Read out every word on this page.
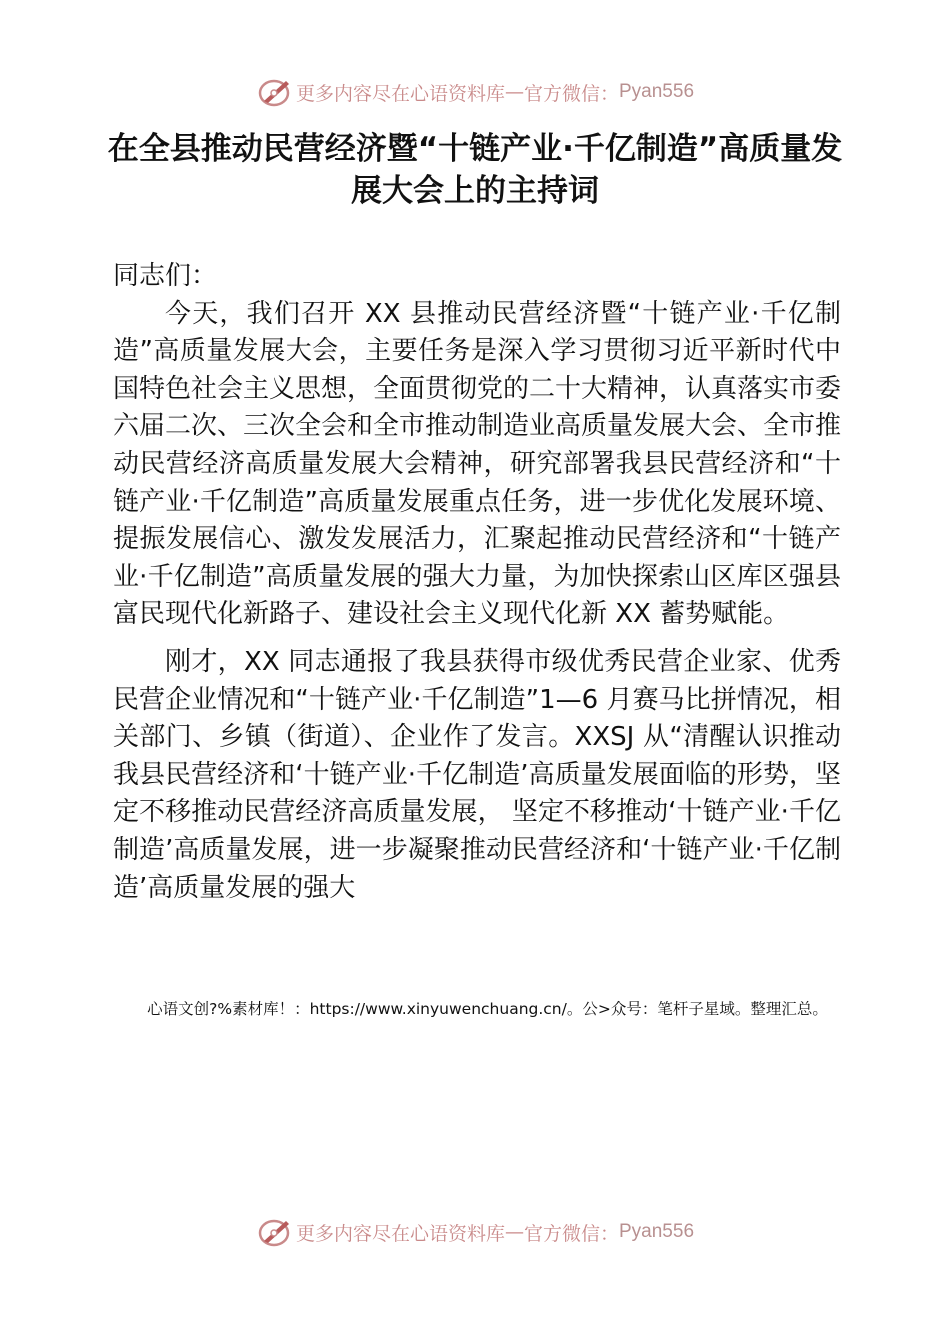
更多内容尽在心语资料库 — 官方微信： Pyan556
在全县推动民营经济暨“十链产业·千亿制造”高质量发展大会上的主持词

同志们：

今天，我们召开 XX 县推动民营经济暨“十链产业·千亿制造”高质量发展大会，主要任务是深入学习贯彻习近平新时代中国特色社会主义思想，全面贯彻党的二十大精神，认真落实市委六届二次、三次全会和全市推动制造业高质量发展大会、全市推动民营经济高质量发展大会精神，研究部署我县民营经济和“十链产业·千亿制造”高质量发展重点任务，进一步优化发展环境、提振发展信心、激发发展活力，汇聚起推动民营经济和“十链产业·千亿制造”高质量发展的强大力量，为加快探索山区库区强县富民现代化新路子、建设社会主义现代化新 XX 蓄势赋能。

刚才，XX 同志通报了我县获得市级优秀民营企业家、优秀民营企业情况和“十链产业·千亿制造”1—6 月赛马比拼情况，相关部门、乡镇（街道）、企业作了发言。XXSJ 从“清醒认识推动我县民营经济和‘十链产业·千亿制造’高质量发展面临的形势，坚定不移推动民营经济高质量发展， 坚定不移推动‘十链产业·千亿制造’高质量发展，进一步凝聚推动民营经济和‘十链产业·千亿制造’高质量发展的强大

心语文创?%素材库！：https://www.xinyuwenchuang.cn/。公>众号：笔杆子星域。整理汇总。
更多内容尽在心语资料库 — 官方微信： Pyan556
